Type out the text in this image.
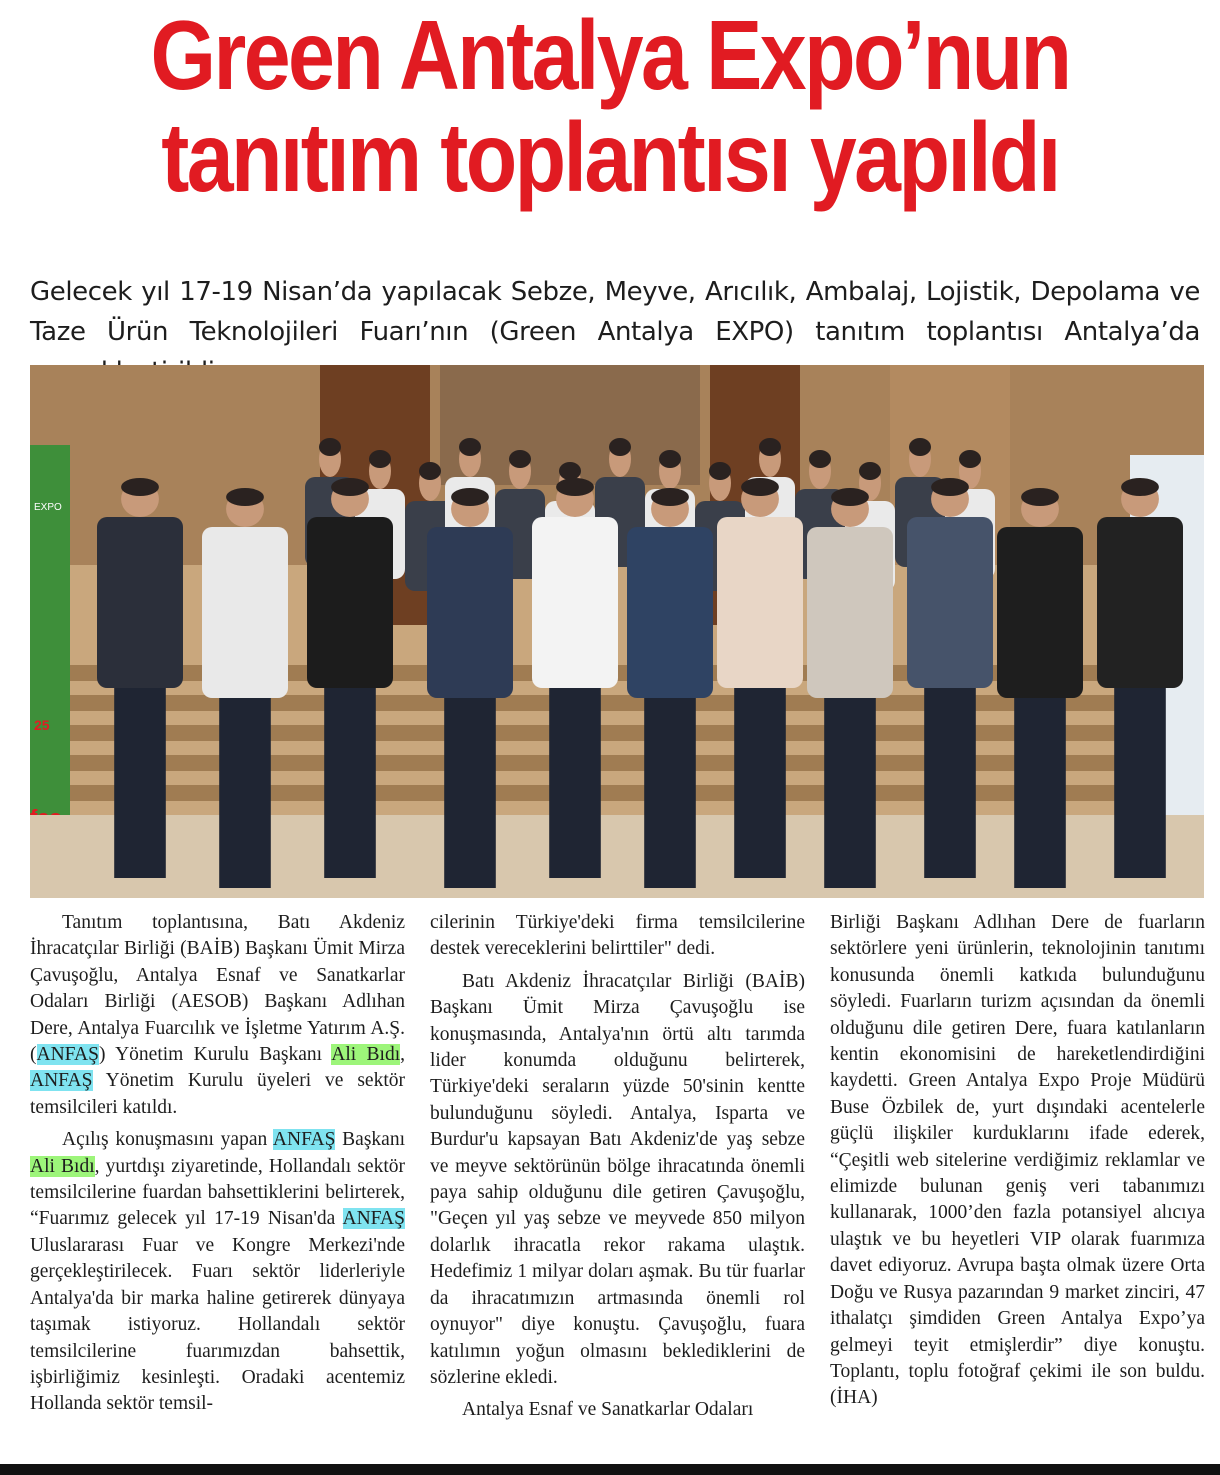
Green Antalya Expo’nun
tanıtım toplantısı yapıldı
Gelecek yıl 17-19 Nisan’da yapılacak Sebze, Meyve, Arıcılık, Ambalaj, Lojistik, Depolama ve Taze Ürün Teknolojileri Fuarı’nın (Green Antalya EXPO) tanıtım toplantısı Antalya’da
EXPO
25

Tanıtım toplantısına, Batı Akdeniz İhracatçılar Birliği (BAİB) Başkanı Ümit Mirza Çavuşoğlu, Antalya Esnaf ve Sanatkarlar Odaları Birliği (AESOB) Başkanı Adlıhan Dere, Antalya Fuarcılık ve İşletme Yatırım A.Ş. (ANFAŞ) Yönetim Kurulu Başkanı Ali Bıdı, ANFAŞ Yönetim Kurulu üyeleri ve sektör temsilcileri katıldı.

Açılış konuşmasını yapan ANFAŞ Başkanı Ali Bıdı, yurtdışı ziyaretinde, Hollandalı sektör temsilcilerine fuardan bahsettiklerini belirterek, “Fuarımız gelecek yıl 17-19 Nisan'da ANFAŞ Uluslararası Fuar ve Kongre Merkezi'nde gerçekleştirilecek. Fuarı sektör liderleriyle Antalya'da bir marka haline getirerek dünyaya taşımak istiyoruz. Hollandalı sektör temsilcilerine fuarımızdan bahsettik, işbirliğimiz kesinleşti. Oradaki acentemiz Hollanda sektör temsil-

cilerinin Türkiye'deki firma temsilcilerine destek vereceklerini belirttiler" dedi.

Batı Akdeniz İhracatçılar Birliği (BAİB) Başkanı Ümit Mirza Çavuşoğlu ise konuşmasında, Antalya'nın örtü altı tarımda lider konumda olduğunu belirterek, Türkiye'deki seraların yüzde 50'sinin kentte bulunduğunu söyledi. Antalya, Isparta ve Burdur'u kapsayan Batı Akdeniz'de yaş sebze ve meyve sektörünün bölge ihracatında önemli paya sahip olduğunu dile getiren Çavuşoğlu, "Geçen yıl yaş sebze ve meyvede 850 milyon dolarlık ihracatla rekor rakama ulaştık. Hedefimiz 1 milyar doları aşmak. Bu tür fuarlar da ihracatımızın artmasında önemli rol oynuyor" diye konuştu. Çavuşoğlu, fuara katılımın yoğun olmasını beklediklerini de sözlerine ekledi.

Antalya Esnaf ve Sanatkarlar Odaları

Birliği Başkanı Adlıhan Dere de fuarların sektörlere yeni ürünlerin, teknolojinin tanıtımı konusunda önemli katkıda bulunduğunu söyledi. Fuarların turizm açısından da önemli olduğunu dile getiren Dere, fuara katılanların kentin ekonomisini de hareketlendirdiğini kaydetti. Green Antalya Expo Proje Müdürü Buse Özbilek de, yurt dışındaki acentelerle güçlü ilişkiler kurduklarını ifade ederek, “Çeşitli web sitelerine verdiğimiz reklamlar ve elimizde bulunan geniş veri tabanımızı kullanarak, 1000’den fazla potansiyel alıcıya ulaştık ve bu heyetleri VIP olarak fuarımıza davet ediyoruz. Avrupa başta olmak üzere Orta Doğu ve Rusya pazarından 9 market zinciri, 47 ithalatçı şimdiden Green Antalya Expo’ya gelmeyi teyit etmişlerdir” diye konuştu. Toplantı, toplu fotoğraf çekimi ile son buldu. (İHA)
